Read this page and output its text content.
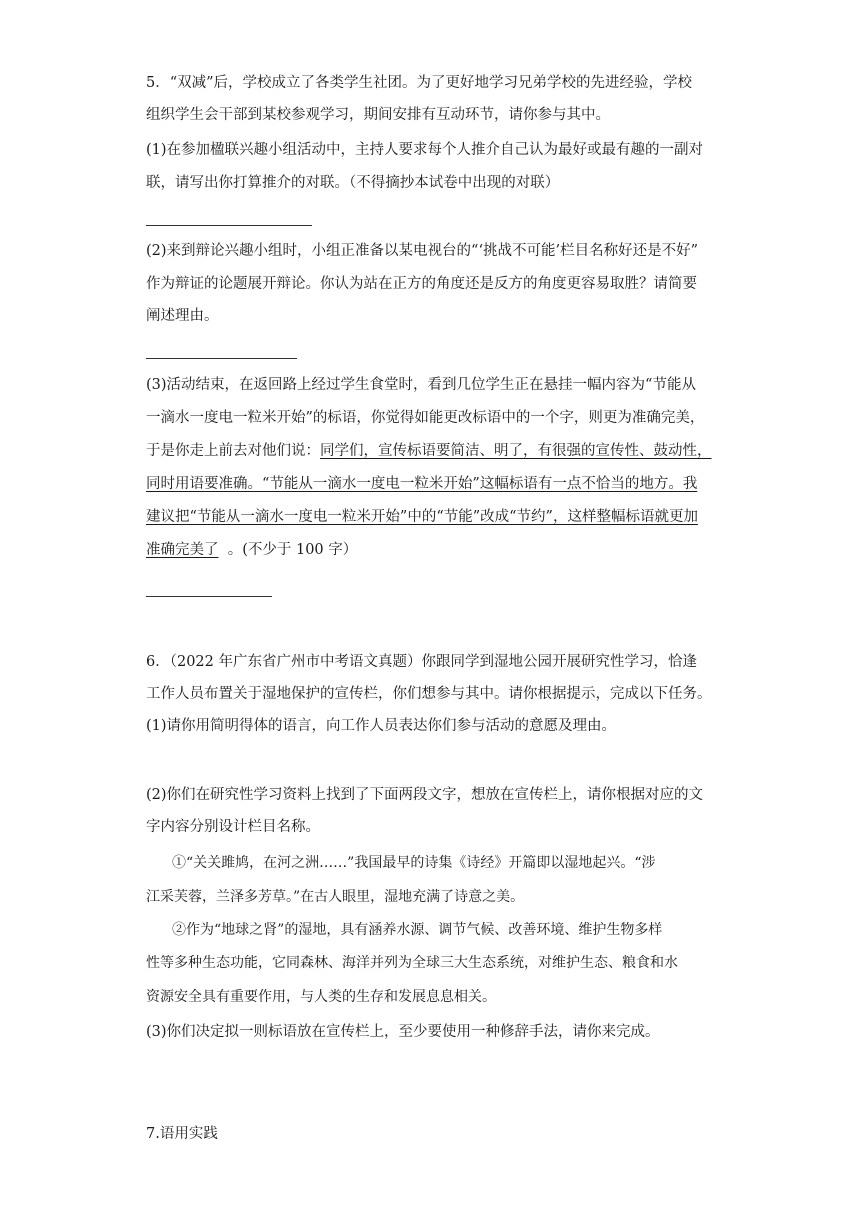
5．“双减”后，学校成立了各类学生社团。为了更好地学习兄弟学校的先进经验，学校
组织学生会干部到某校参观学习，期间安排有互动环节，请你参与其中。
(1)在参加楹联兴趣小组活动中，主持人要求每个人推介自己认为最好或最有趣的一副对
联，请写出你打算推介的对联。（不得摘抄本试卷中出现的对联）
(2)来到辩论兴趣小组时，小组正准备以某电视台的“‘挑战不可能’栏目名称好还是不好”
作为辩证的论题展开辩论。你认为站在正方的角度还是反方的角度更容易取胜？请简要
阐述理由。
(3)活动结束，在返回路上经过学生食堂时，看到几位学生正在悬挂一幅内容为“节能从
一滴水一度电一粒米开始”的标语，你觉得如能更改标语中的一个字，则更为准确完美，
于是你走上前去对他们说：同学们，宣传标语要简洁、明了，有很强的宣传性、鼓动性，
同时用语要准确。“节能从一滴水一度电一粒米开始”这幅标语有一点不恰当的地方。我
建议把“节能从一滴水一度电一粒米开始”中的“节能”改成“节约”，这样整幅标语就更加
准确完美了 。(不少于 100 字）
6．（2022 年广东省广州市中考语文真题）你跟同学到湿地公园开展研究性学习，恰逢
工作人员布置关于湿地保护的宣传栏，你们想参与其中。请你根据提示，完成以下任务。
(1)请你用简明得体的语言，向工作人员表达你们参与活动的意愿及理由。
(2)你们在研究性学习资料上找到了下面两段文字，想放在宣传栏上，请你根据对应的文
字内容分别设计栏目名称。
①“关关雎鸠，在河之洲……”我国最早的诗集《诗经》开篇即以湿地起兴。“涉
江采芙蓉，兰泽多芳草。”在古人眼里，湿地充满了诗意之美。
②作为“地球之肾”的湿地，具有涵养水源、调节气候、改善环境、维护生物多样
性等多种生态功能，它同森林、海洋并列为全球三大生态系统，对维护生态、粮食和水
资源安全具有重要作用，与人类的生存和发展息息相关。
(3)你们决定拟一则标语放在宣传栏上，至少要使用一种修辞手法，请你来完成。
7.语用实践
